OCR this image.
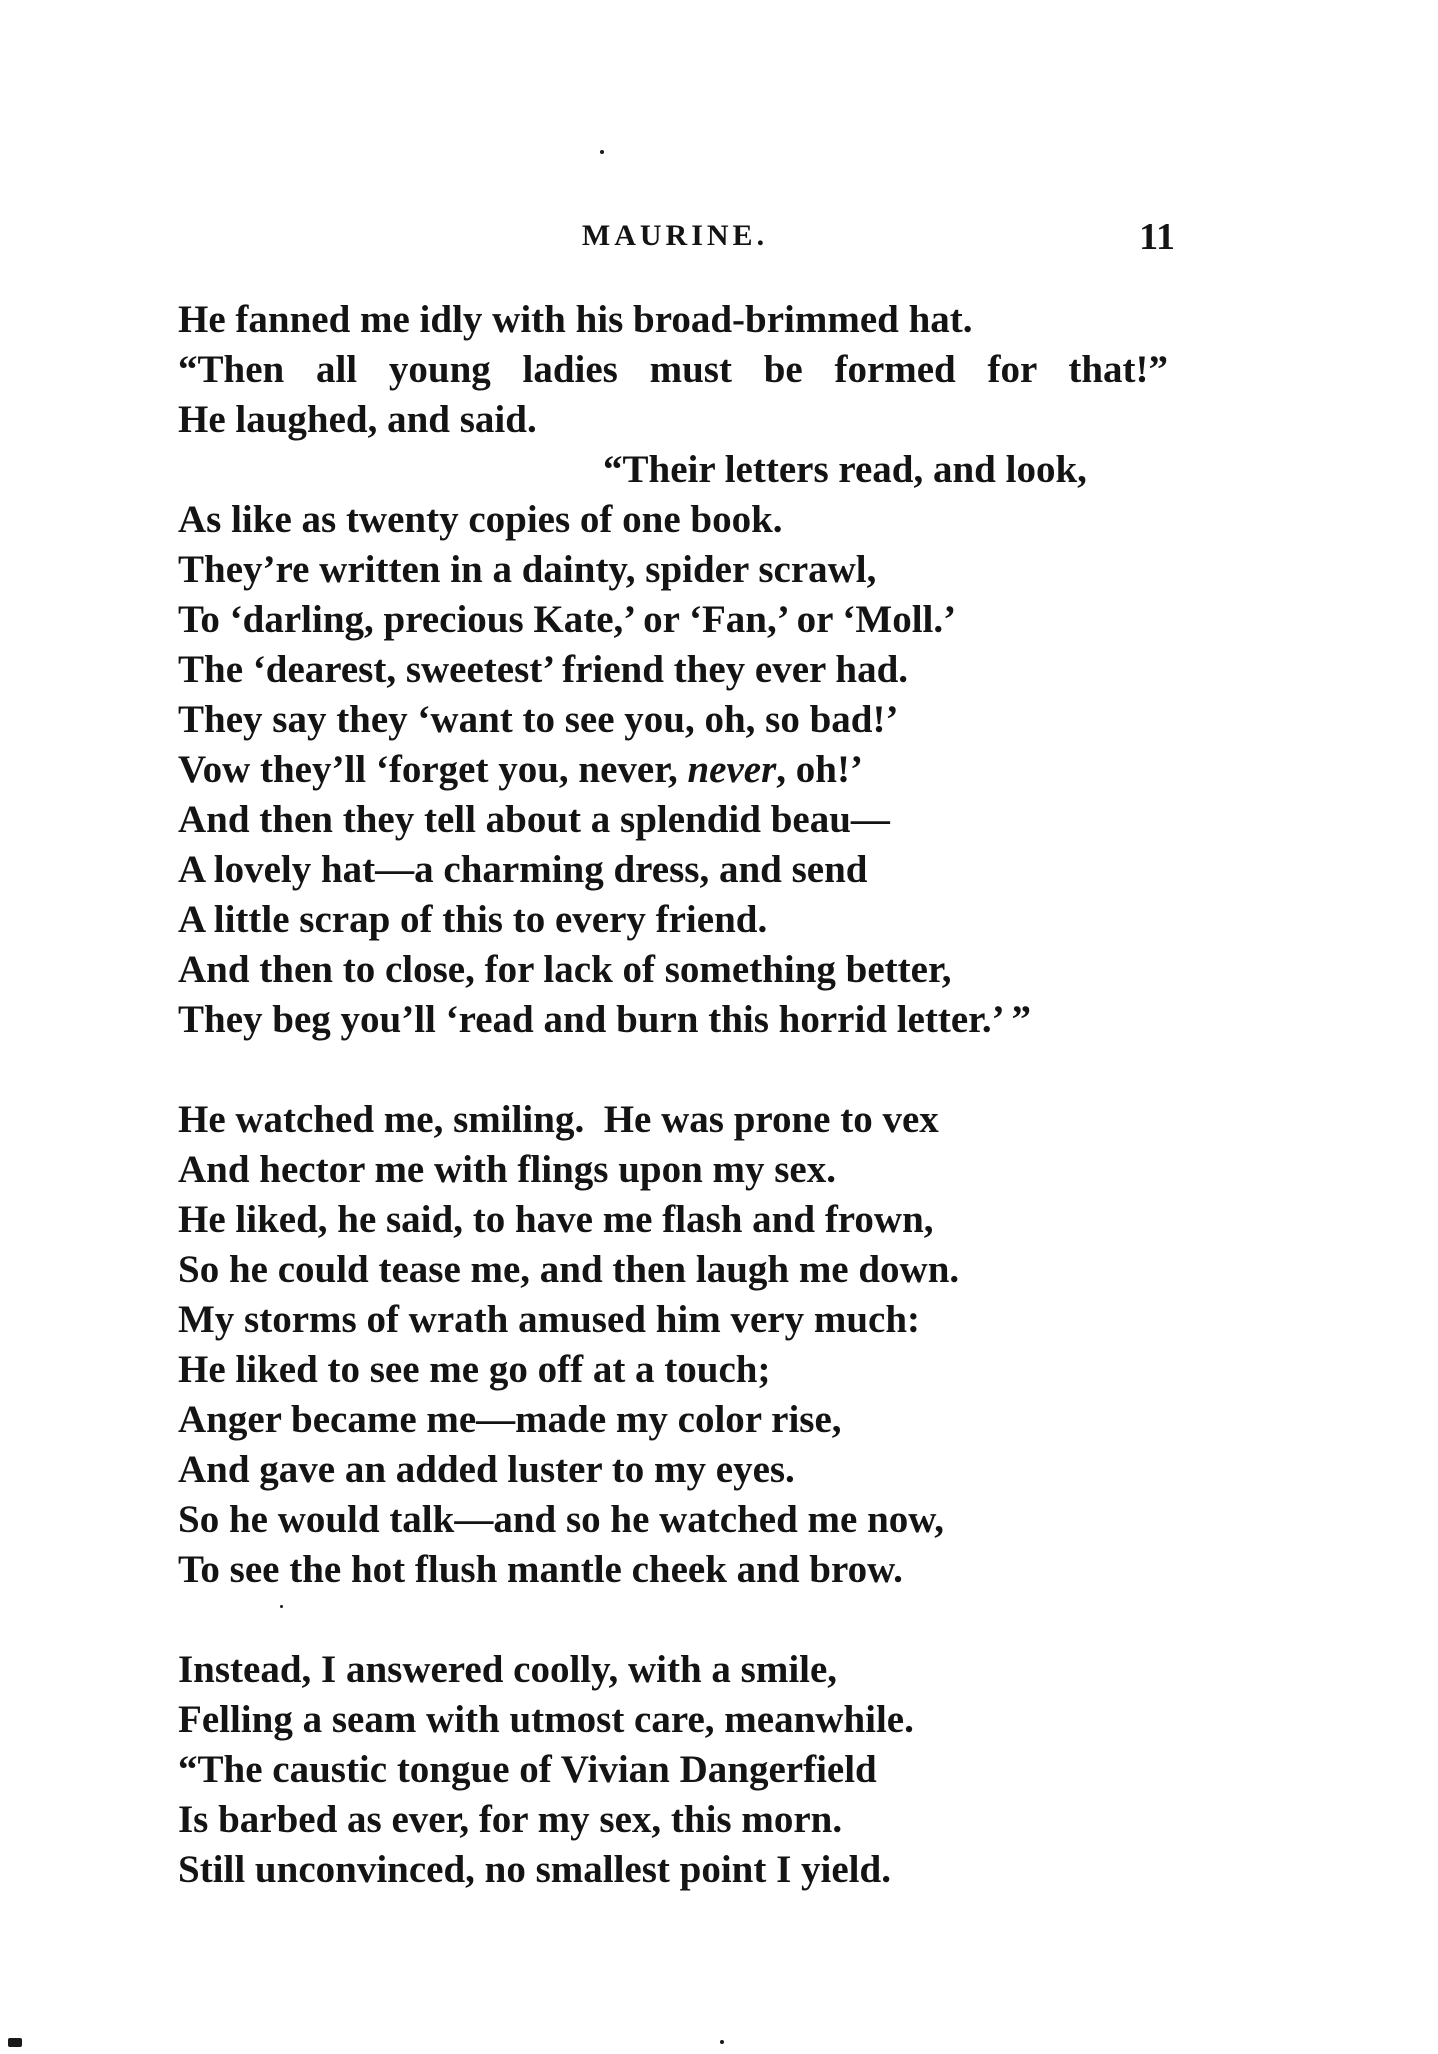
MAURINE.	11
He fanned me idly with his broad-brimmed hat.
“Then all young ladies must be formed for that!”
He laughed, and said.
“Their letters read, and look,
As like as twenty copies of one book.
They’re written in a dainty, spider scrawl,
To ‘darling, precious Kate,’ or ‘Fan,’ or ‘Moll.’
The ‘dearest, sweetest’ friend they ever had.
They say they ‘want to see you, oh, so bad!’
Vow they’ll ‘forget you, never, never, oh!’
And then they tell about a splendid beau—
A lovely hat—a charming dress, and send
A little scrap of this to every friend.
And then to close, for lack of something better,
They beg you’ll ‘read and burn this horrid letter.’ ”
He watched me, smiling.  He was prone to vex
And hector me with flings upon my sex.
He liked, he said, to have me flash and frown,
So he could tease me, and then laugh me down.
My storms of wrath amused him very much:
He liked to see me go off at a touch;
Anger became me—made my color rise,
And gave an added luster to my eyes.
So he would talk—and so he watched me now,
To see the hot flush mantle cheek and brow.
Instead, I answered coolly, with a smile,
Felling a seam with utmost care, meanwhile.
“The caustic tongue of Vivian Dangerfield
Is barbed as ever, for my sex, this morn.
Still unconvinced, no smallest point I yield.
